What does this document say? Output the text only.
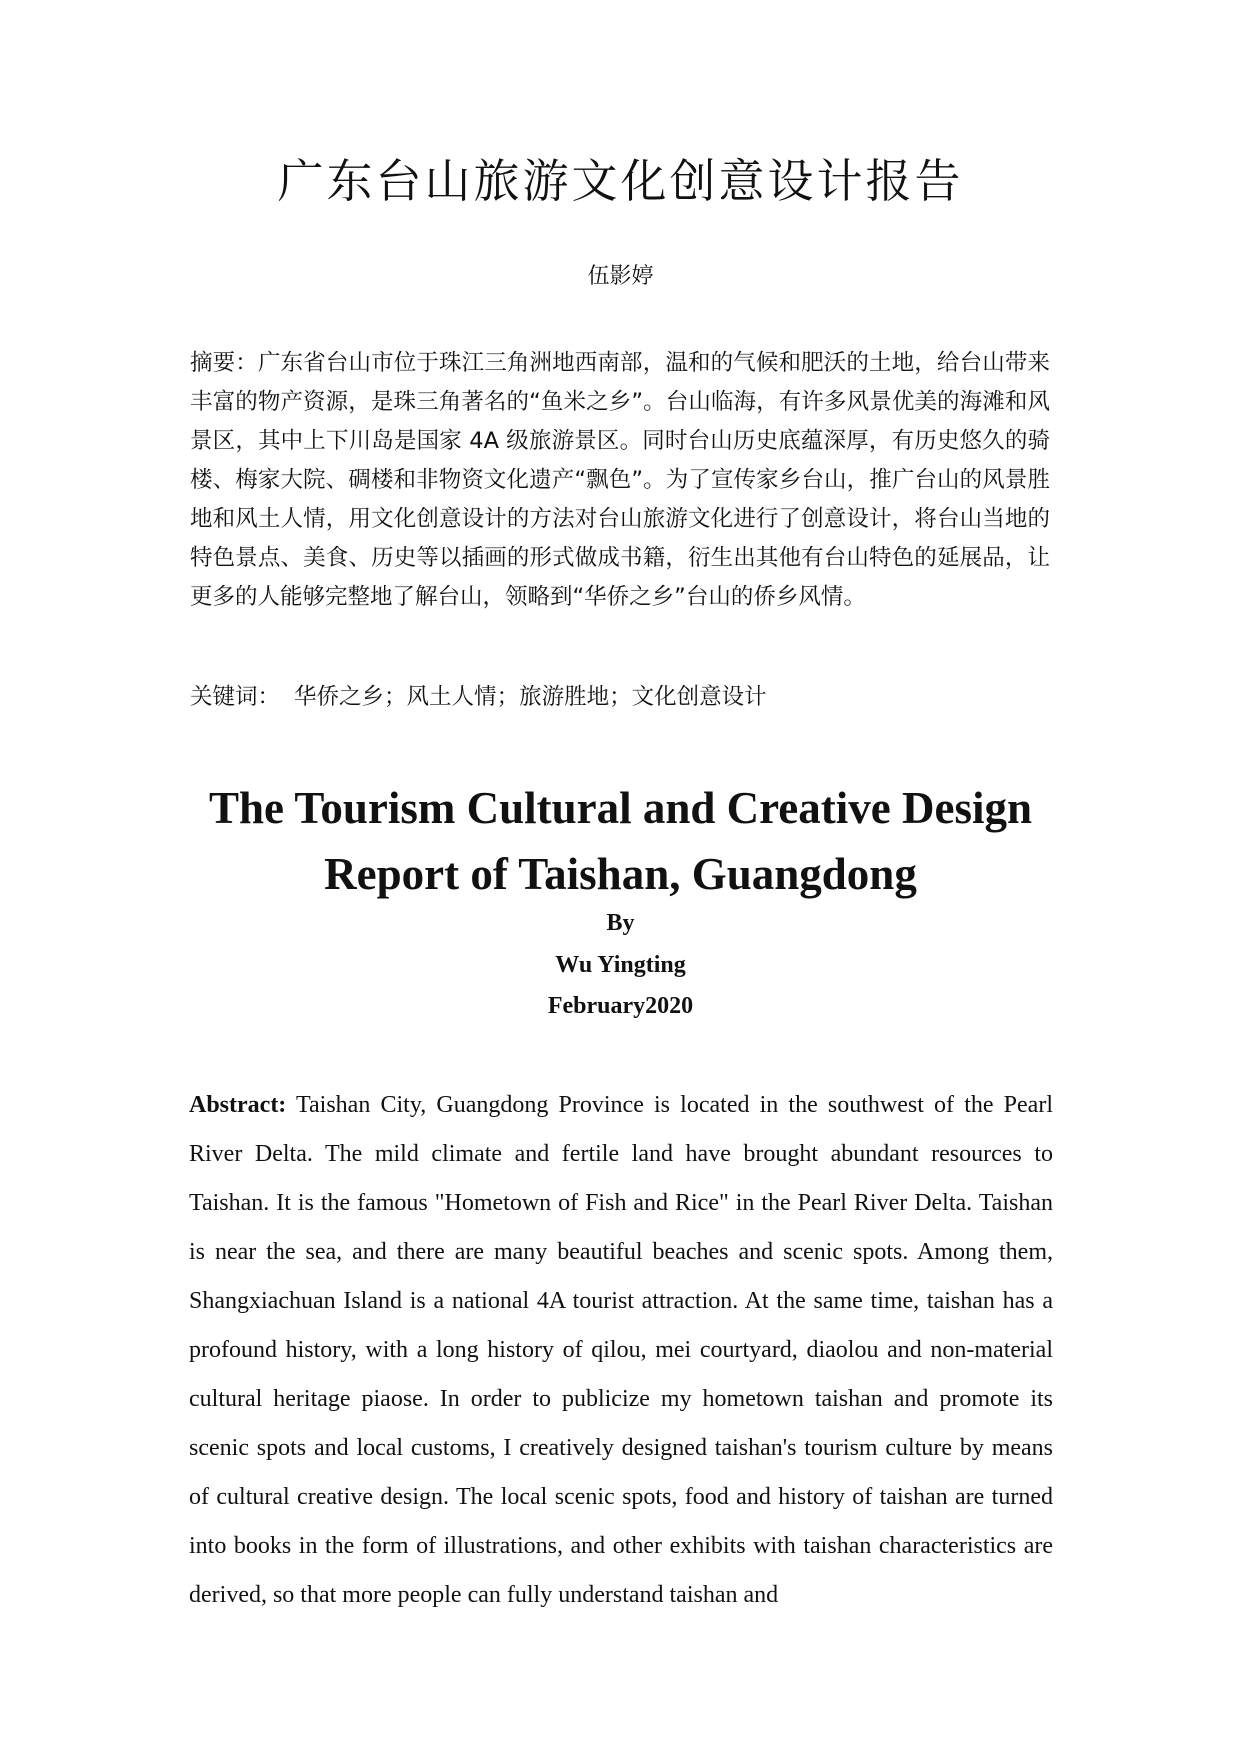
广东台山旅游文化创意设计报告

伍影婷

摘要：广东省台山市位于珠江三角洲地西南部，温和的气候和肥沃的土地，给台山带来丰富的物产资源，是珠三角著名的“鱼米之乡”。台山临海，有许多风景优美的海滩和风景区，其中上下川岛是国家 4A 级旅游景区。同时台山历史底蕴深厚，有历史悠久的骑楼、梅家大院、碉楼和非物资文化遗产“飘色”。为了宣传家乡台山，推广台山的风景胜地和风土人情，用文化创意设计的方法对台山旅游文化进行了创意设计，将台山当地的特色景点、美食、历史等以插画的形式做成书籍，衍生出其他有台山特色的延展品，让更多的人能够完整地了解台山，领略到“华侨之乡”台山的侨乡风情。

关键词： 华侨之乡 ； 风土人情 ； 旅游胜地 ； 文化创意设计

The Tourism Cultural and Creative Design Report of Taishan, Guangdong

By

Wu Yingting

February2020

Abstract: Taishan City, Guangdong Province is located in the southwest of the Pearl River Delta. The mild climate and fertile land have brought abundant resources to Taishan. It is the famous "Hometown of Fish and Rice" in the Pearl River Delta. Taishan is near the sea, and there are many beautiful beaches and scenic spots. Among them, Shangxiachuan Island is a national 4A tourist attraction. At the same time, taishan has a profound history, with a long history of qilou, mei courtyard, diaolou and non-material cultural heritage piaose. In order to publicize my hometown taishan and promote its scenic spots and local customs, I creatively designed taishan's tourism culture by means of cultural creative design. The local scenic spots, food and history of taishan are turned into books in the form of illustrations, and other exhibits with taishan characteristics are derived, so that more people can fully understand taishan and
